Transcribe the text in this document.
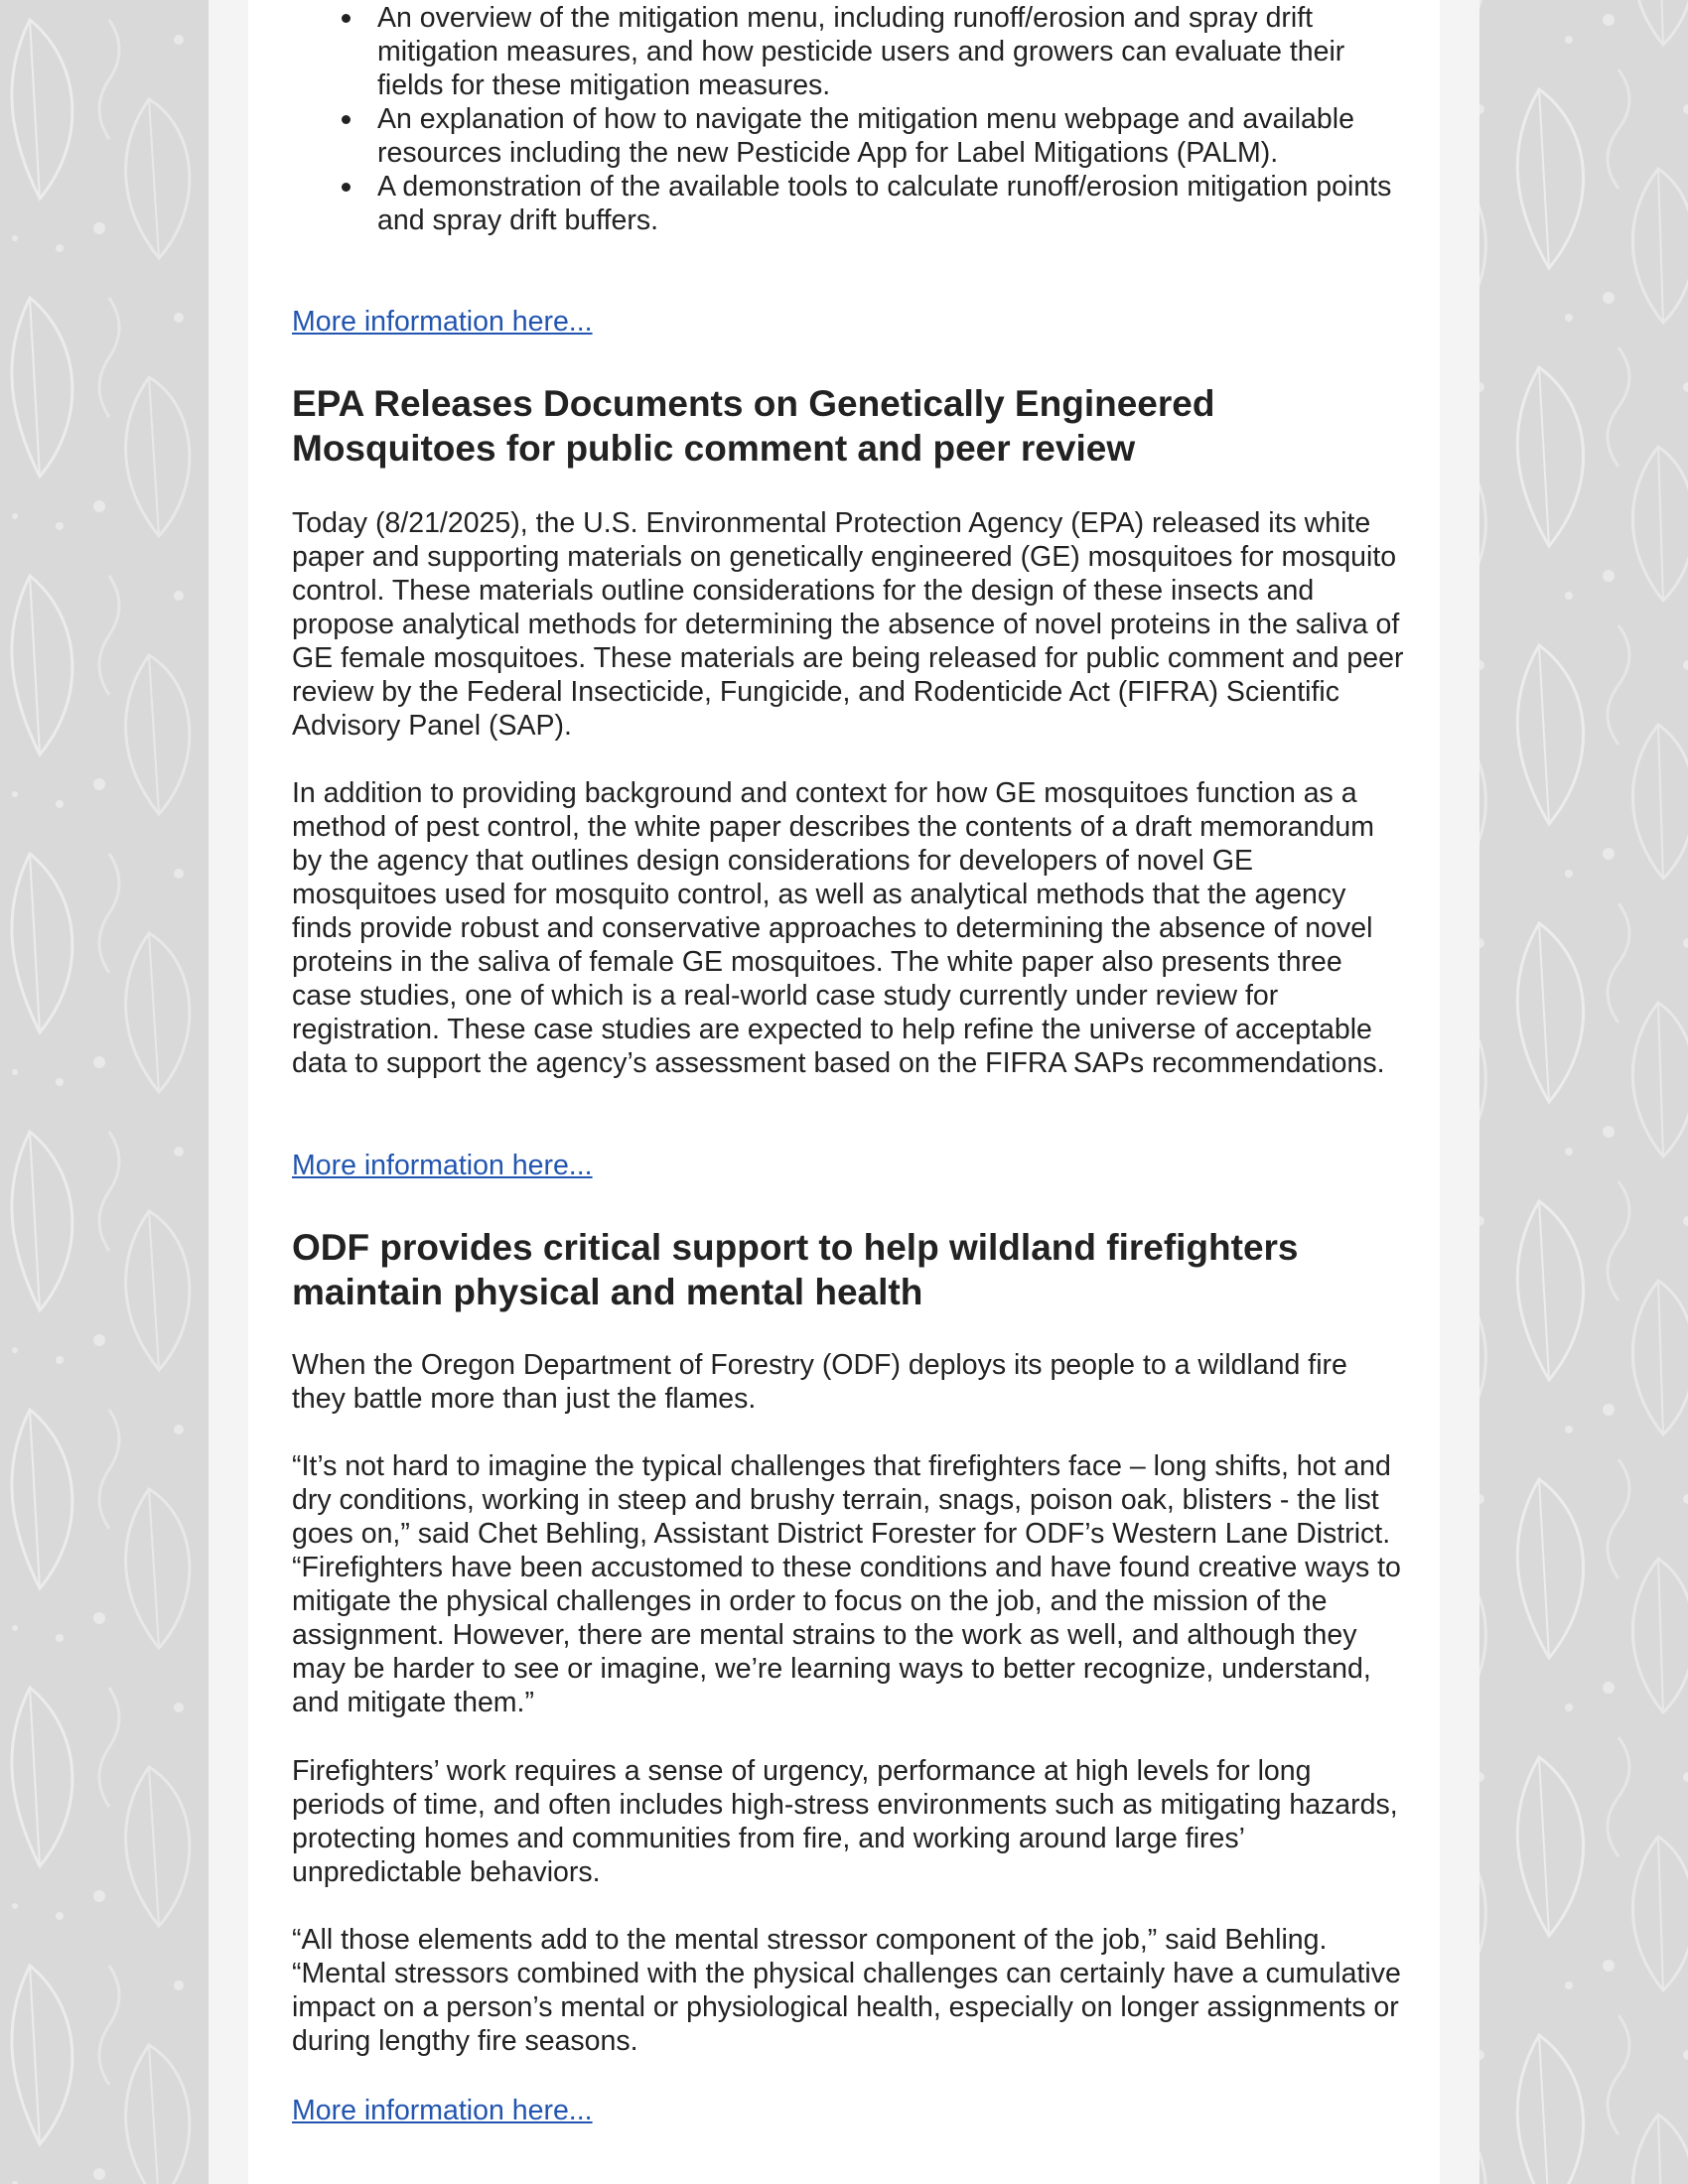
An overview of the mitigation menu, including runoff/erosion and spray drift mitigation measures, and how pesticide users and growers can evaluate their fields for these mitigation measures.
An explanation of how to navigate the mitigation menu webpage and available resources including the new Pesticide App for Label Mitigations (PALM).
A demonstration of the available tools to calculate runoff/erosion mitigation points and spray drift buffers.
More information here...
EPA Releases Documents on Genetically Engineered Mosquitoes for public comment and peer review

Today (8/21/2025), the U.S. Environmental Protection Agency (EPA) released its white paper and supporting materials on genetically engineered (GE) mosquitoes for mosquito control. These materials outline considerations for the design of these insects and propose analytical methods for determining the absence of novel proteins in the saliva of GE female mosquitoes. These materials are being released for public comment and peer review by the Federal Insecticide, Fungicide, and Rodenticide Act (FIFRA) Scientific Advisory Panel (SAP).

In addition to providing background and context for how GE mosquitoes function as a method of pest control, the white paper describes the contents of a draft memorandum by the agency that outlines design considerations for developers of novel GE mosquitoes used for mosquito control, as well as analytical methods that the agency finds provide robust and conservative approaches to determining the absence of novel proteins in the saliva of female GE mosquitoes. The white paper also presents three case studies, one of which is a real-world case study currently under review for registration. These case studies are expected to help refine the universe of acceptable data to support the agency’s assessment based on the FIFRA SAPs recommendations.

More information here...
ODF provides critical support to help wildland firefighters maintain physical and mental health

When the Oregon Department of Forestry (ODF) deploys its people to a wildland fire they battle more than just the flames.

“It’s not hard to imagine the typical challenges that firefighters face – long shifts, hot and dry conditions, working in steep and brushy terrain, snags, poison oak, blisters - the list goes on,” said Chet Behling, Assistant District Forester for ODF’s Western Lane District. “Firefighters have been accustomed to these conditions and have found creative ways to mitigate the physical challenges in order to focus on the job, and the mission of the assignment. However, there are mental strains to the work as well, and although they may be harder to see or imagine, we’re learning ways to better recognize, understand, and mitigate them.”

Firefighters’ work requires a sense of urgency, performance at high levels for long periods of time, and often includes high-stress environments such as mitigating hazards, protecting homes and communities from fire, and working around large fires’ unpredictable behaviors.

“All those elements add to the mental stressor component of the job,” said Behling. “Mental stressors combined with the physical challenges can certainly have a cumulative impact on a person’s mental or physiological health, especially on longer assignments or during lengthy fire seasons.

More information here...
